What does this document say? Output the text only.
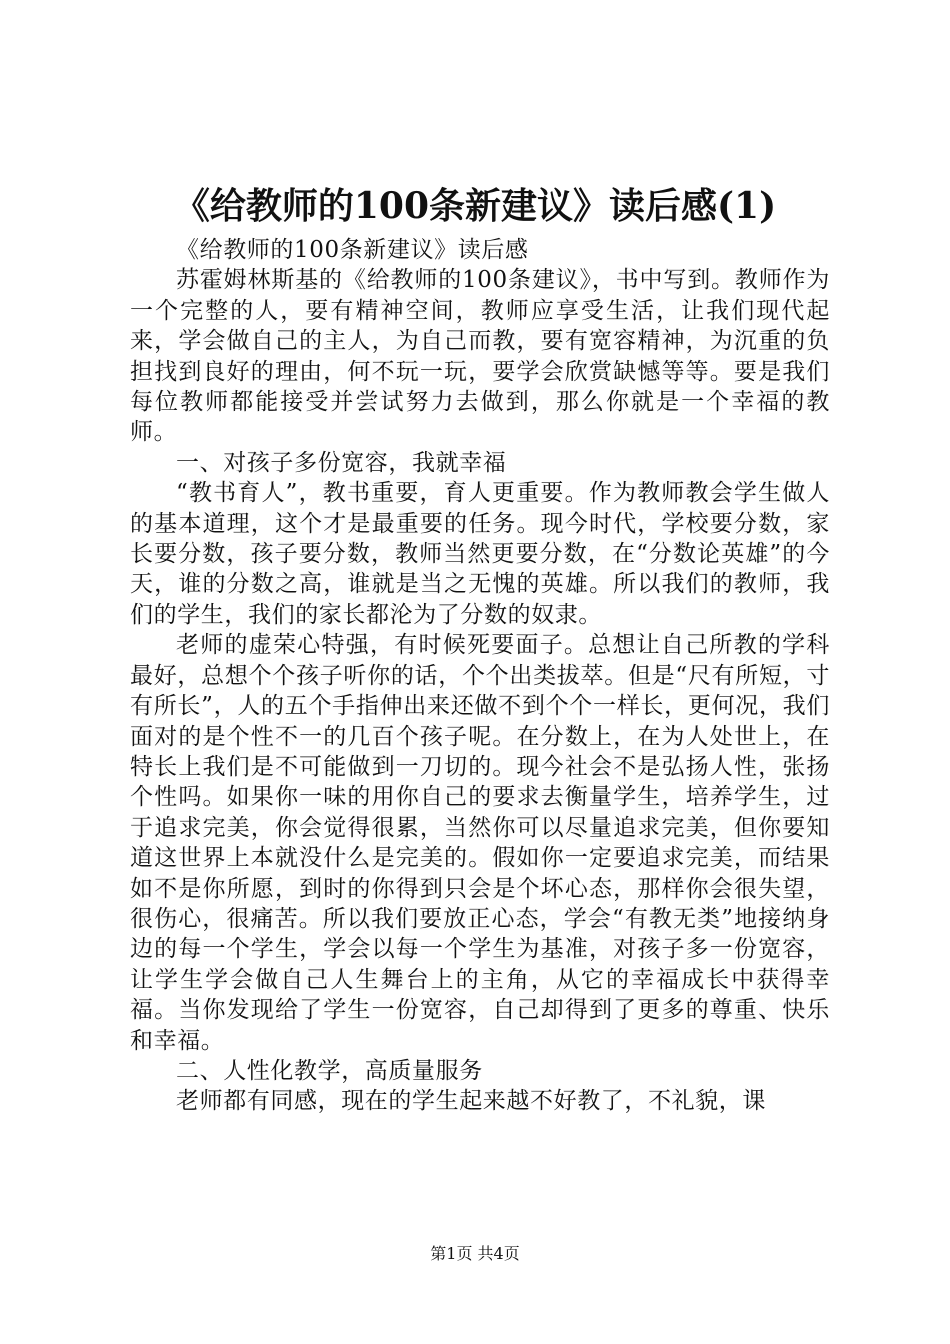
《给教师的100条新建议》读后感(1)

《给教师的100条新建议》读后感

苏霍姆林斯基的《给教师的100条建议》，书中写到。教师作为一个完整的人，要有精神空间，教师应享受生活，让我们现代起来，学会做自己的主人，为自己而教，要有宽容精神，为沉重的负担找到良好的理由，何不玩一玩，要学会欣赏缺憾等等。要是我们每位教师都能接受并尝试努力去做到，那么你就是一个幸福的教师。

一、对孩子多份宽容，我就幸福

“教书育人”，教书重要，育人更重要。作为教师教会学生做人的基本道理，这个才是最重要的任务。现今时代，学校要分数，家长要分数，孩子要分数，教师当然更要分数，在“分数论英雄”的今天，谁的分数之高，谁就是当之无愧的英雄。所以我们的教师，我们的学生，我们的家长都沦为了分数的奴隶。

老师的虚荣心特强，有时候死要面子。总想让自己所教的学科最好，总想个个孩子听你的话，个个出类拔萃。但是“尺有所短，寸有所长”，人的五个手指伸出来还做不到个个一样长，更何况，我们面对的是个性不一的几百个孩子呢。在分数上，在为人处世上，在特长上我们是不可能做到一刀切的。现今社会不是弘扬人性，张扬个性吗。如果你一味的用你自己的要求去衡量学生，培养学生，过于追求完美，你会觉得很累，当然你可以尽量追求完美，但你要知道这世界上本就没什么是完美的。假如你一定要追求完美，而结果如不是你所愿，到时的你得到只会是个坏心态，那样你会很失望，很伤心，很痛苦。所以我们要放正心态，学会“有教无类”地接纳身边的每一个学生，学会以每一个学生为基准，对孩子多一份宽容，让学生学会做自己人生舞台上的主角，从它的幸福成长中获得幸福。当你发现给了学生一份宽容，自己却得到了更多的尊重、快乐和幸福。

二、人性化教学，高质量服务

老师都有同感，现在的学生起来越不好教了，不礼貌，课

第1页 共4页
